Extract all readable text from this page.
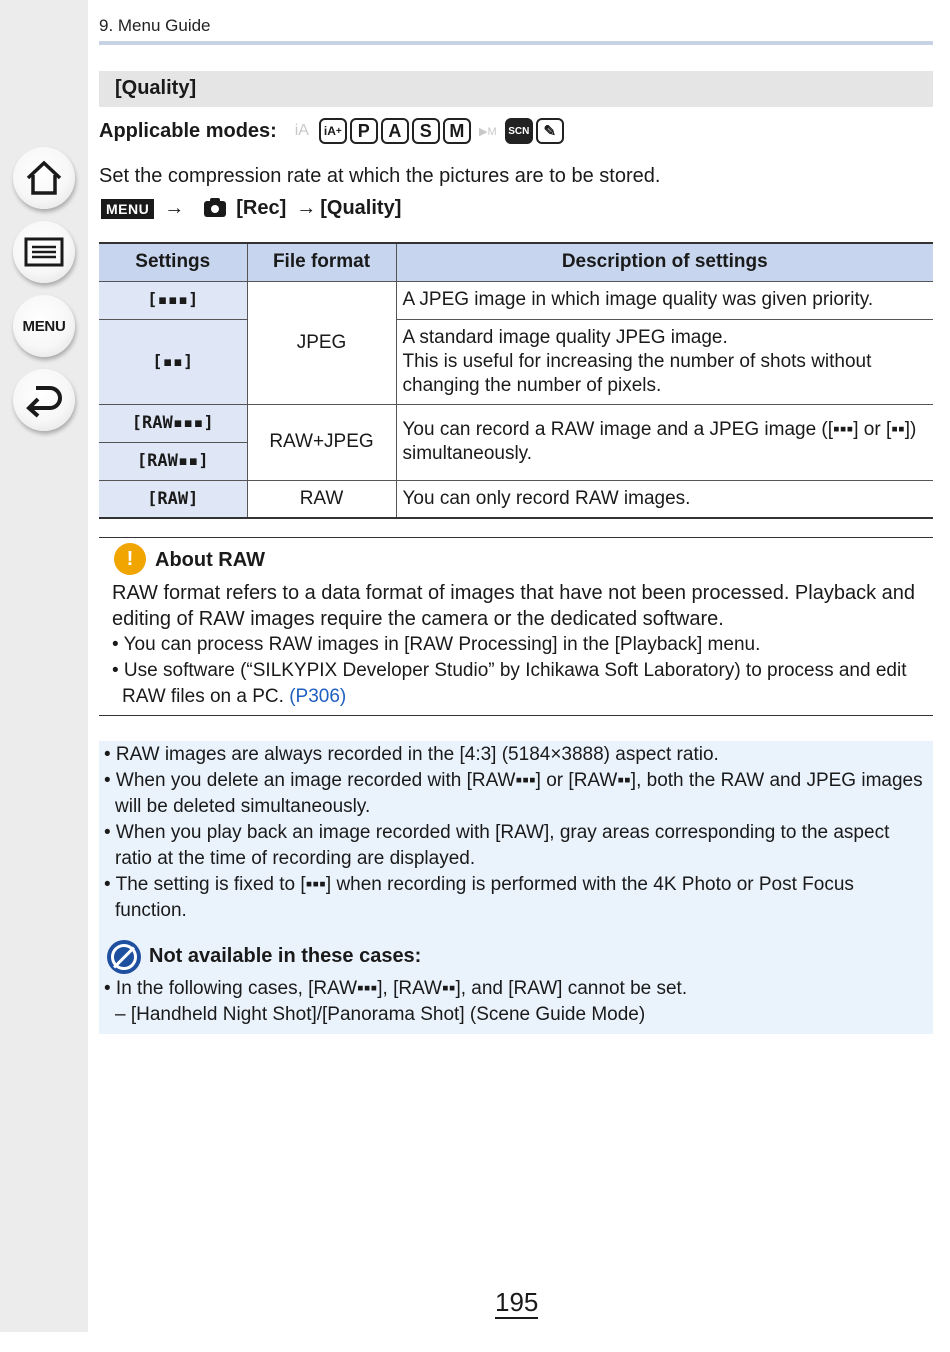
MENU
9. Menu Guide
[Quality]
Applicable modes:	iA	iA + P	A	S M	▶M	SCN ✎
Set the compression rate at which the pictures are to be stored.
MENU →	[Rec] → [Quality]
Settings	File format	Description of settings
[▪▪▪]	JPEG	A JPEG image in which image quality was given priority.
[▪▪]		A standard image quality JPEG image.
This is useful for increasing the number of shots without changing the number of pixels.
[RAW▪▪▪]	RAW+JPEG	You can record a RAW image and a JPEG image ([▪▪▪] or [▪▪]) simultaneously.
[RAW▪▪]		
[RAW]	RAW	You can only record RAW images.
!	About RAW
RAW format refers to a data format of images that have not been processed. Playback and editing of RAW images require the camera or the dedicated software.
• You can process RAW images in [RAW Processing] in the [Playback] menu.
• Use software (“SILKYPIX Developer Studio” by Ichikawa Soft Laboratory) to process and edit RAW files on a PC. (P306)
• RAW images are always recorded in the [4:3] (5184×3888) aspect ratio.
• When you delete an image recorded with [RAW▪▪▪] or [RAW▪▪], both the RAW and JPEG images will be deleted simultaneously.
• When you play back an image recorded with [RAW], gray areas corresponding to the aspect ratio at the time of recording are displayed.
• The setting is fixed to [▪▪▪] when recording is performed with the 4K Photo or Post Focus function.
Not available in these cases:
• In the following cases, [RAW▪▪▪], [RAW▪▪], and [RAW] cannot be set.
– [Handheld Night Shot]/[Panorama Shot] (Scene Guide Mode)
195
